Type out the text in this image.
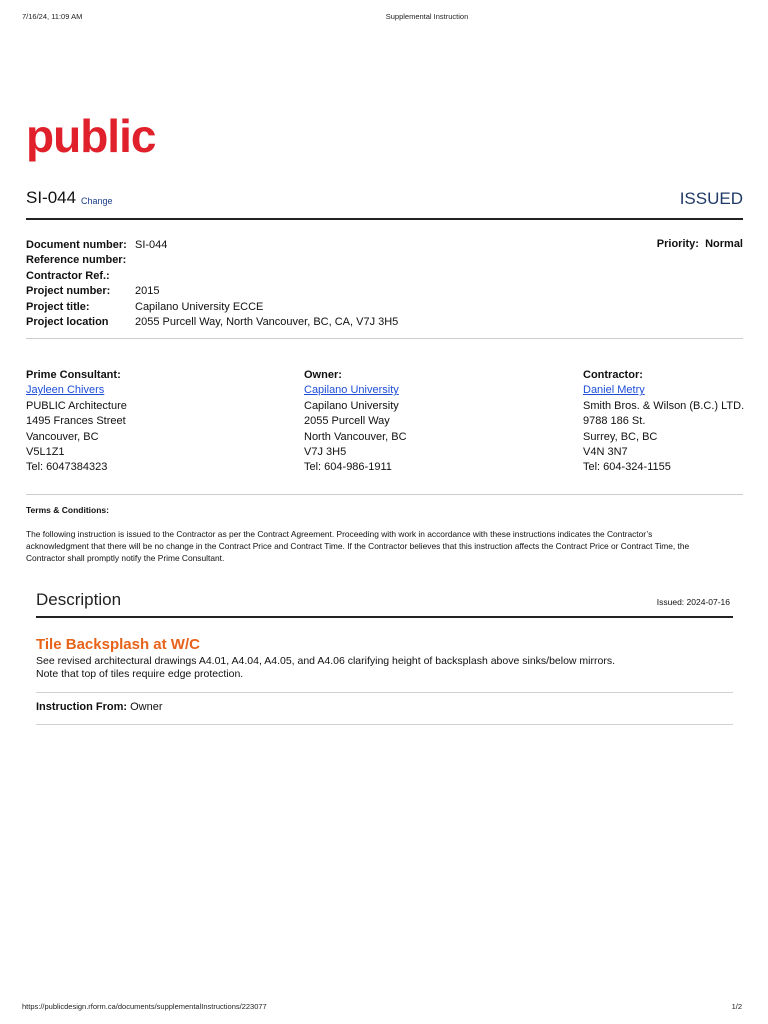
7/16/24, 11:09 AM	Supplemental Instruction
public
SI-044 Change	ISSUED
Priority: Normal
Document number: SI-044
Reference number:
Contractor Ref.:
Project number: 2015
Project title:	Capilano University ECCE
Project location 2055 Purcell Way, North Vancouver, BC, CA, V7J 3H5
Prime Consultant:
Jayleen Chivers
PUBLIC Architecture
1495 Frances Street
Vancouver, BC
V5L1Z1
Tel: 6047384323
Owner:
Capilano University
Capilano University
2055 Purcell Way
North Vancouver, BC
V7J 3H5
Tel: 604-986-1911
Contractor:
Daniel Metry
Smith Bros. & Wilson (B.C.) LTD.
9788 186 St.
Surrey, BC, BC
V4N 3N7
Tel: 604-324-1155
Terms & Conditions:
The following instruction is issued to the Contractor as per the Contract Agreement. Proceeding with work in accordance with these instructions indicates the Contractor’s
acknowledgment that there will be no change in the Contract Price and Contract Time. If the Contractor believes that this instruction affects the Contract Price or Contract Time, the
Contractor shall promptly notify the Prime Consultant.
Description	Issued: 2024-07-16
Tile Backsplash at W/C
See revised architectural drawings A4.01, A4.04, A4.05, and A4.06 clarifying height of backsplash above sinks/below mirrors.
Note that top of tiles require edge protection.
Instruction From: Owner
https://publicdesign.rform.ca/documents/supplementalInstructions/223077	1/2
